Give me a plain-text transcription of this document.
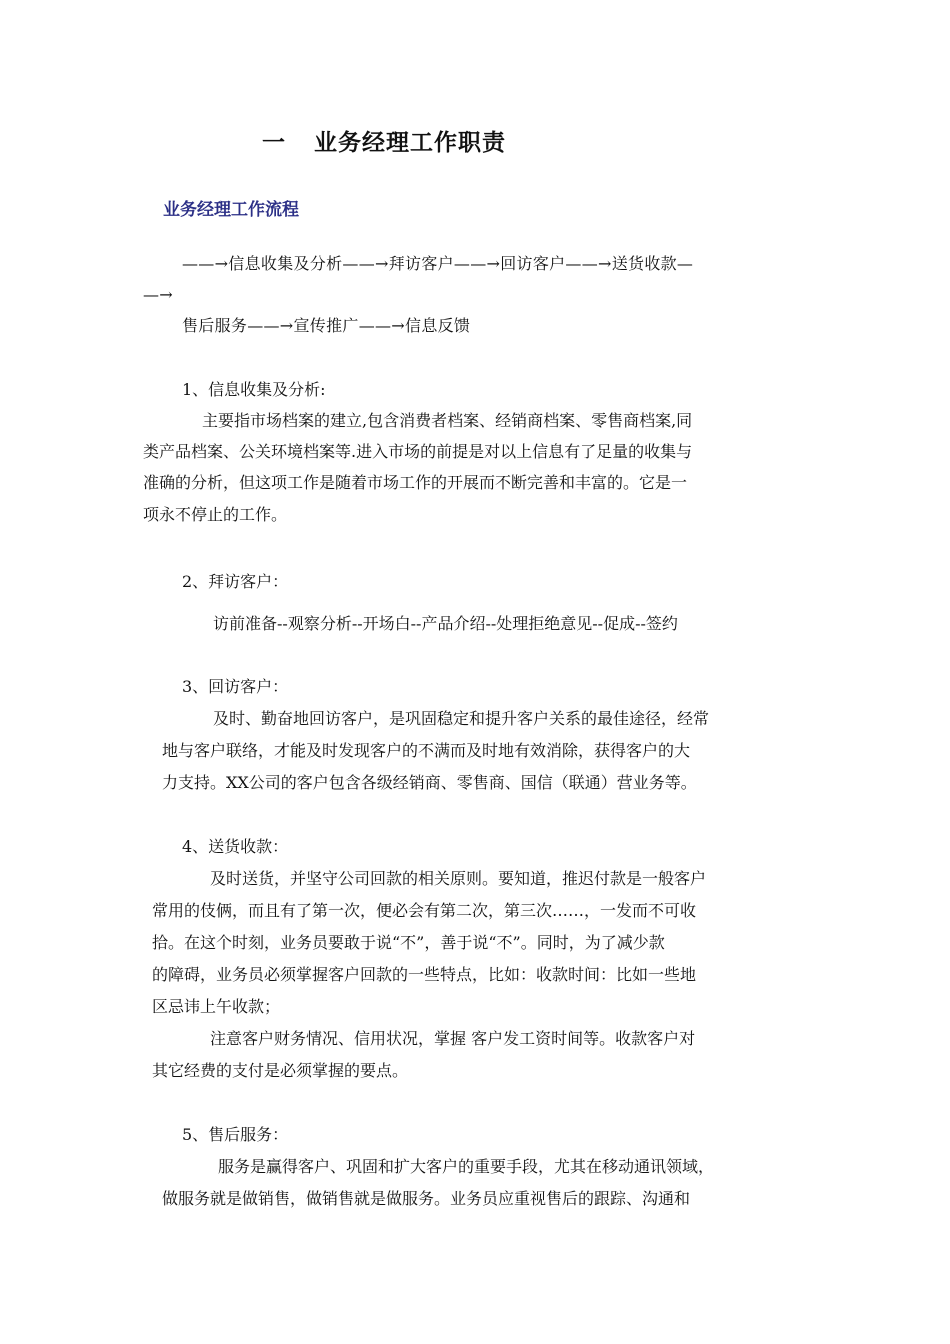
一 业务经理工作职责
业务经理工作流程
——→信息收集及分析——→拜访客户——→回访客户——→送货收款—
—→
售后服务——→宣传推广——→信息反馈
1、信息收集及分析:
主要指市场档案的建立,包含消费者档案、经销商档案、零售商档案,同
类产品档案、公关环境档案等.进入市场的前提是对以上信息有了足量的收集与
准确的分析，但这项工作是随着市场工作的开展而不断完善和丰富的。它是一
项永不停止的工作。
2、拜访客户：
访前准备--观察分析--开场白--产品介绍--处理拒绝意见--促成--签约
3、回访客户：
及时、勤奋地回访客户，是巩固稳定和提升客户关系的最佳途径，经常
地与客户联络，才能及时发现客户的不满而及时地有效消除，获得客户的大
力支持。XX公司的客户包含各级经销商、零售商、国信（联通）营业务等。
4、送货收款：
及时送货，并坚守公司回款的相关原则。要知道，推迟付款是一般客户
常用的伎俩，而且有了第一次，便必会有第二次，第三次……，一发而不可收
拾。在这个时刻，业务员要敢于说“不”，善于说“不”。同时，为了减少款
的障碍，业务员必须掌握客户回款的一些特点，比如：收款时间：比如一些地
区忌讳上午收款；
注意客户财务情况、信用状况，掌握 客户发工资时间等。收款客户对
其它经费的支付是必须掌握的要点。
5、售后服务：
服务是赢得客户、巩固和扩大客户的重要手段，尤其在移动通讯领域，
做服务就是做销售，做销售就是做服务。业务员应重视售后的跟踪、沟通和
